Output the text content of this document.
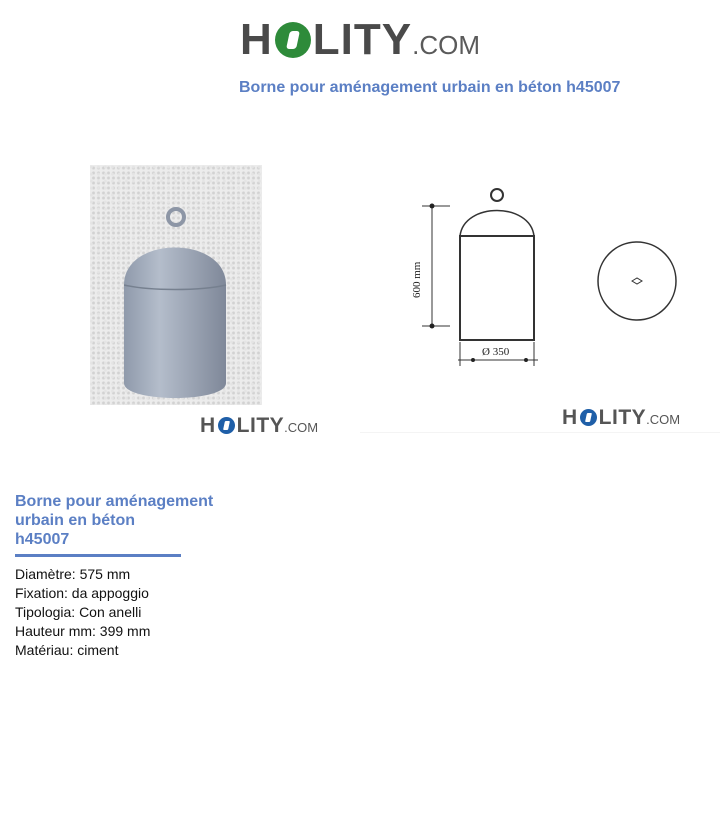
H LITY .COM
Borne pour aménagement urbain en béton h45007
H LITY .COM
600 mm
Ø 350
H LITY .COM
Borne pour aménagement
urbain en béton
h45007
Diamètre: 575 mm
Fixation: da appoggio
Tipologia: Con anelli
Hauteur mm: 399 mm
Matériau: ciment
